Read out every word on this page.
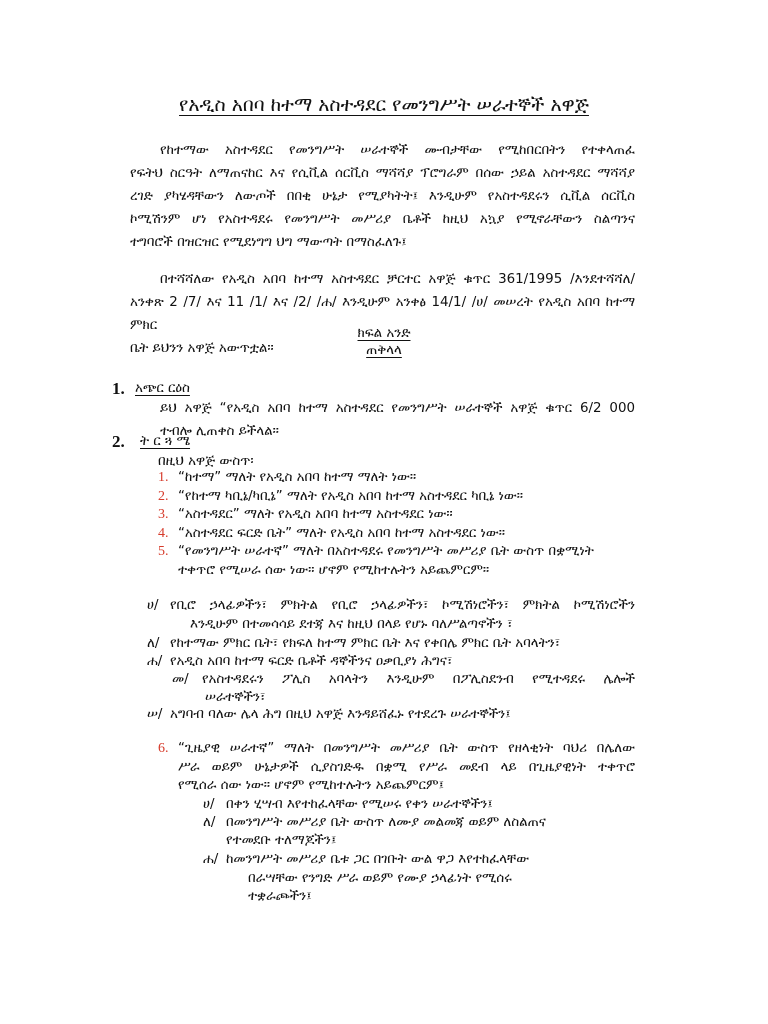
የአዲስ አበባ ከተማ አስተዳደር የመንግሥት ሠራተኞች አዋጅ
የከተማው አስተዳደር የመንግሥት ሠራተኞች ሙብታቸው የሚከበርበትን የተቀላጠፈ
የፍትህ ስርዓት ለማጠናከር እና የሲቪል ሰርቪስ ማሻሻያ ፕሮግራም በሰው ኃይል አስተዳደር ማሻሻያ
ረገድ ያካሄዳቸውን ለውጦች በበቂ ሁኔታ የሚያካትት፤ እንዲሁም የአስተዳደሩን ሲቪል ሰርቪስ
ኮሚሽንም ሆነ የአስተዳደሩ የመንግሥት መሥሪያ ቤቶች ከዚህ አኳያ የሚኖራቸውን ስልጣንና
ተግባሮች በዝርዝር የሚደነግግ ህግ ማውጣት በማስፈለጉ፤
በተሻሻለው የአዲስ አበባ ከተማ አስተዳደር ቻርተር አዋጅ ቁጥር 361/1995 /እንደተሻሻለ/
አንቀጽ 2 /7/ እና 11 /1/ እና /2/ /ሐ/ እንዲሁም አንቀፅ 14/1/ /ሀ/ መሠረት የአዲስ አበባ ከተማ ምክር
ቤት ይህንን አዋጅ አውጥቷል።
ክፍል አንድ
ጠቅላላ
1. አጭር ርዕስ
ይህ አዋጅ “የአዲስ አበባ ከተማ አስተዳደር የመንግሥት ሠራተኞች አዋጅ ቁጥር 6/2 000
ተብሎ ሊጠቀስ ይችላል።
2. ት ር ጓ ሜ
በዚህ አዋጅ ውስጥ፡
1. “ከተማ” ማለት የአዲስ አበባ ከተማ ማለት ነው።
2. “የከተማ ካቢኔ/ካቢኔ” ማለት የአዲስ አበባ ከተማ አስተዳደር ካቢኔ ነው።
3. “አስተዳደር” ማለት የአዲስ አበባ ከተማ አስተዳደር ነው።
4. “አስተዳደር ፍርድ ቤት” ማለት የአዲስ አበባ ከተማ አስተዳደር ነው።
5. “የመንግሥት ሠራተኛ” ማለት በአስተዳደሩ የመንግሥት መሥሪያ ቤት ውስጥ በቋሚነት
ተቀጥሮ የሚሠራ ሰው ነው። ሆኖም የሚከተሉትን አይጨምርም።
ሀ/ የቢሮ ኃላፊዎችን፣ ምክትል የቢሮ ኃላፊዎችን፣ ኮሚሽነሮችን፣ ምክትል ኮሚሽነሮችን
እንዲሁም በተመሳሳይ ደተጃ እና ከዚህ በላይ የሆኑ ባለሥልጣኖችን ፣
ለ/ የከተማው ምክር ቤት፣ የክፍለ ከተማ ምክር ቤት እና የቀበሌ ምክር ቤት አባላትን፣
ሐ/ የአዲስ አበባ ከተማ ፍርድ ቤቶች ዳኞችንና ዐቃቢያነ ሕግና፣
መ/ የአስተዳደሩን ፖሊስ አባላትን እንዲሁም በፖሊስደንብ የሚተዳደሩ ሌሎች
ሠራተኞችን፣
ሠ/ አግባብ ባለው ሌላ ሕግ በዚህ አዋጅ እንዳይሸፈኑ የተደረጉ ሠራተኞችን፤
6. “ጊዜያዊ ሠራተኛ” ማለት በመንግሥት መሥሪያ ቤት ውስጥ የዘላቂነት ባህሪ በሌለው
ሥራ ወይም ሁኔታዎች ሲያስገድዱ በቋሚ የሥራ መደብ ላይ በጊዜያዊነት ተቀጥሮ
የሚሰራ ሰው ነው። ሆኖም የሚከተሉትን አይጨምርም፤
ሀ/ በቀን ሂሣብ እየተከፈላቸው የሚሠሩ የቀን ሠራተኞችን፤
ለ/ በመንግሥት መሥሪያ ቤት ውስጥ ለሙያ መልመጃ ወይም ለስልጠና
የተመደቡ ተለማጆችን፤
ሐ/ ከመንግሥት መሥሪያ ቤቱ ጋር በገቡት ውል ዋጋ እየተከፈላቸው
በራሣቸው የንግድ ሥራ ወይም የሙያ ኃላፊነት የሚሰሩ
ተቋራጮችን፤
